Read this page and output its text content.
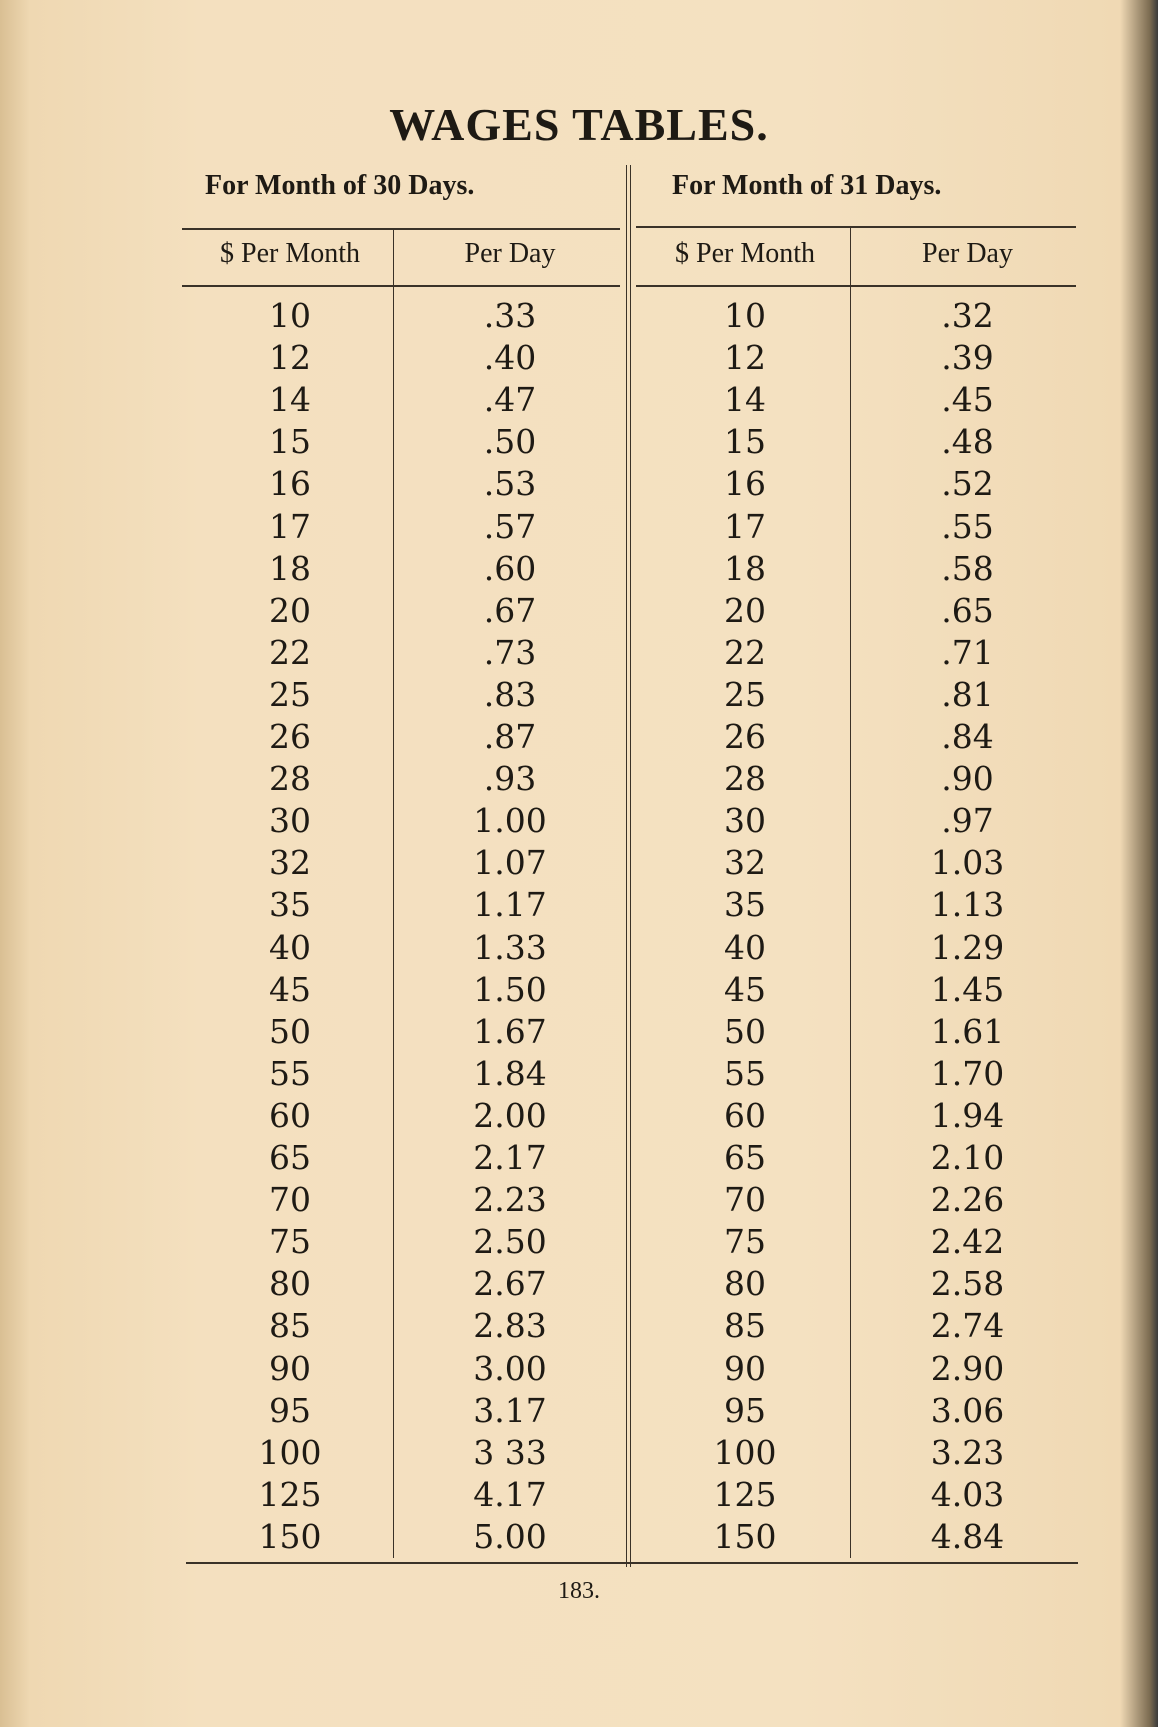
WAGES TABLES.
For Month of 30 Days.	For Month of 31 Days.
$ Per Month	Per Day	$ Per Month	Per Day
10	.33	10	.32
12	.40	12	.39
14	.47	14	.45
15	.50	15	.48
16	.53	16	.52
17	.57	17	.55
18	.60	18	.58
20	.67	20	.65
22	.73	22	.71
25	.83	25	.81
26	.87	26	.84
28	.93	28	.90
30	1.00	30	.97
32	1.07	32	1.03
35	1.17	35	1.13
40	1.33	40	1.29
45	1.50	45	1.45
50	1.67	50	1.61
55	1.84	55	1.70
60	2.00	60	1.94
65	2.17	65	2.10
70	2.23	70	2.26
75	2.50	75	2.42
80	2.67	80	2.58
85	2.83	85	2.74
90	3.00	90	2.90
95	3.17	95	3.06
100	3 33	100	3.23
125	4.17	125	4.03
150	5.00	150	4.84
183.
